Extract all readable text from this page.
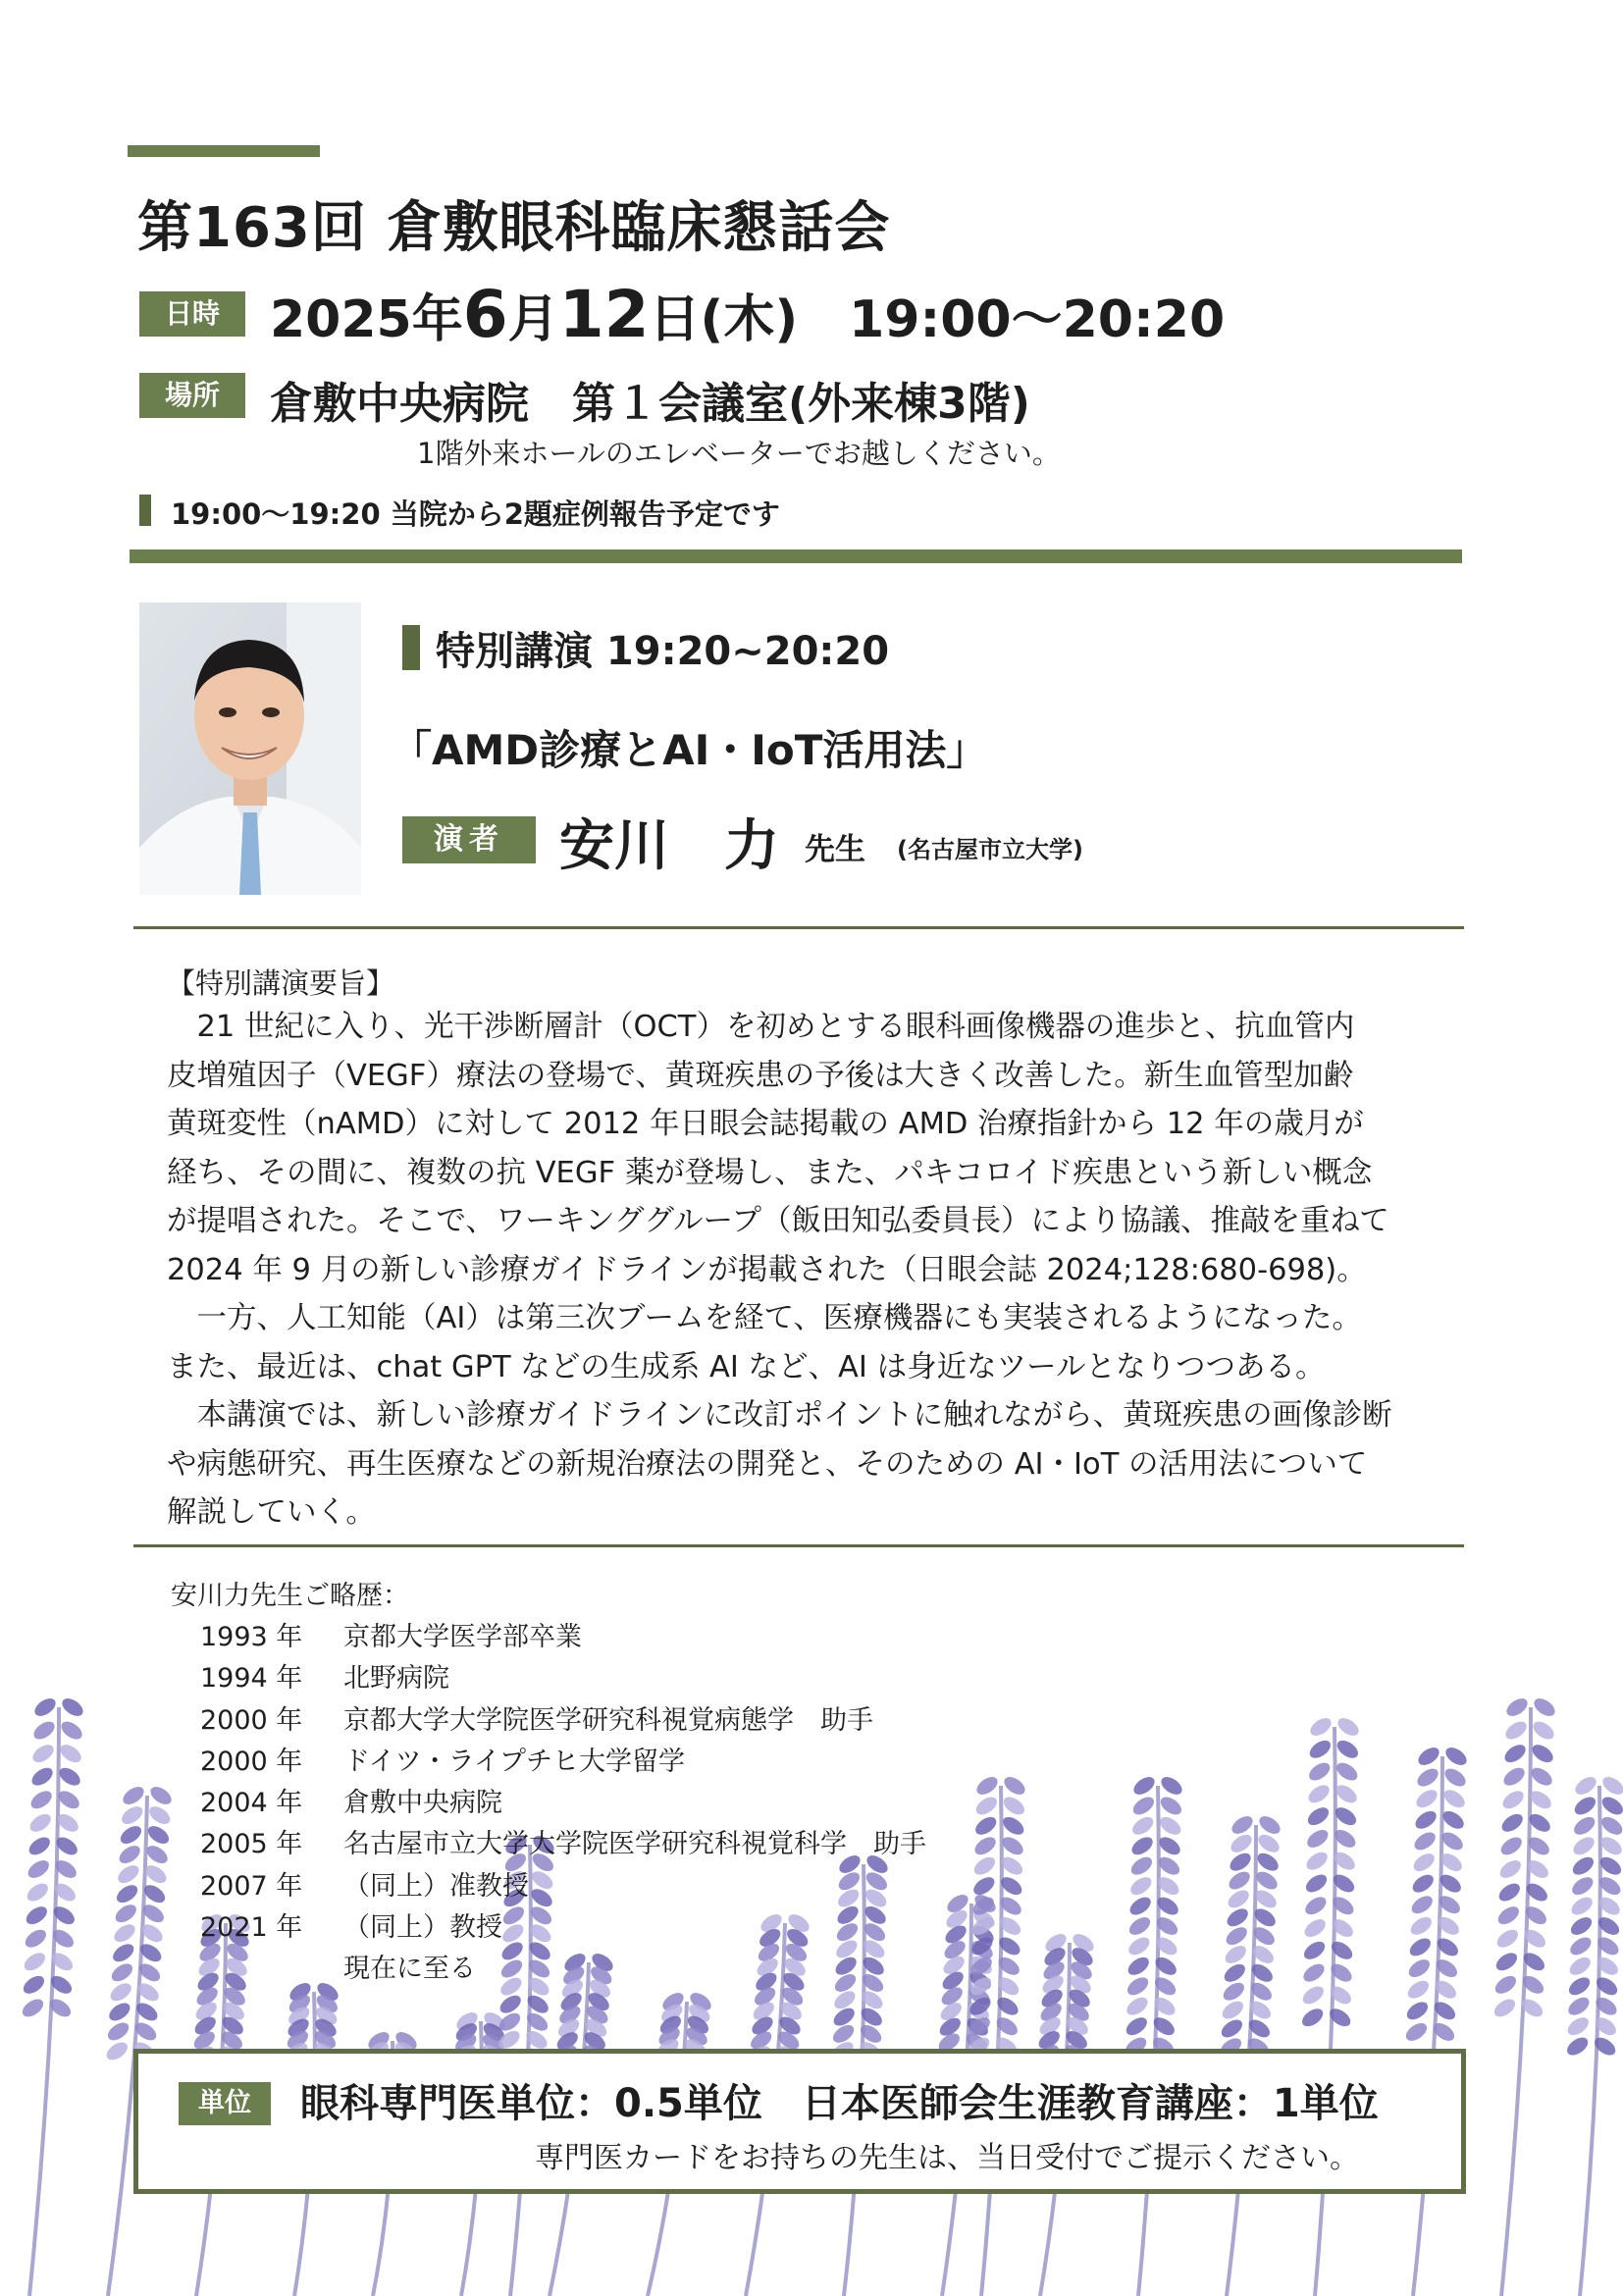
第163回 倉敷眼科臨床懇話会
日時 2025年6月12日(木)　19:00～20:20
場所	倉敷中央病院　第１会議室(外来棟3階)
1階外来ホールのエレベーターでお越しください。
19:00～19:20 当院から2題症例報告予定です
特別講演 19:20~20:20
「AMD診療とAI・IoT活用法」
演者	安川　力 先生 (名古屋市立大学)
【特別講演要旨】

　21 世紀に入り、光干渉断層計（OCT）を初めとする眼科画像機器の進歩と、抗血管内

皮増殖因子（VEGF）療法の登場で、黄斑疾患の予後は大きく改善した。新生血管型加齢

黄斑変性（nAMD）に対して 2012 年日眼会誌掲載の AMD 治療指針から 12 年の歳月が

経ち、その間に、複数の抗 VEGF 薬が登場し、また、パキコロイド疾患という新しい概念

が提唱された。そこで、ワーキンググループ（飯田知弘委員長）により協議、推敲を重ねて

2024 年 9 月の新しい診療ガイドラインが掲載された（日眼会誌 2024;128:680-698)。

　一方、人工知能（AI）は第三次ブームを経て、医療機器にも実装されるようになった。

また、最近は、chat GPT などの生成系 AI など、AI は身近なツールとなりつつある。

　本講演では、新しい診療ガイドラインに改訂ポイントに触れながら、黄斑疾患の画像診断

や病態研究、再生医療などの新規治療法の開発と、そのための AI・IoT の活用法について

解説していく。

安川力先生ご略歴：
1993 年	京都大学医学部卒業
1994 年	北野病院
2000 年	京都大学大学院医学研究科視覚病態学　助手
2000 年	ドイツ・ライプチヒ大学留学
2004 年	倉敷中央病院
2005 年	名古屋市立大学大学院医学研究科視覚科学　助手
2007 年	（同上）准教授
2021 年	（同上）教授
現在に至る
単位	眼科専門医単位：0.5単位　日本医師会生涯教育講座：1単位
専門医カードをお持ちの先生は、当日受付でご提示ください。
